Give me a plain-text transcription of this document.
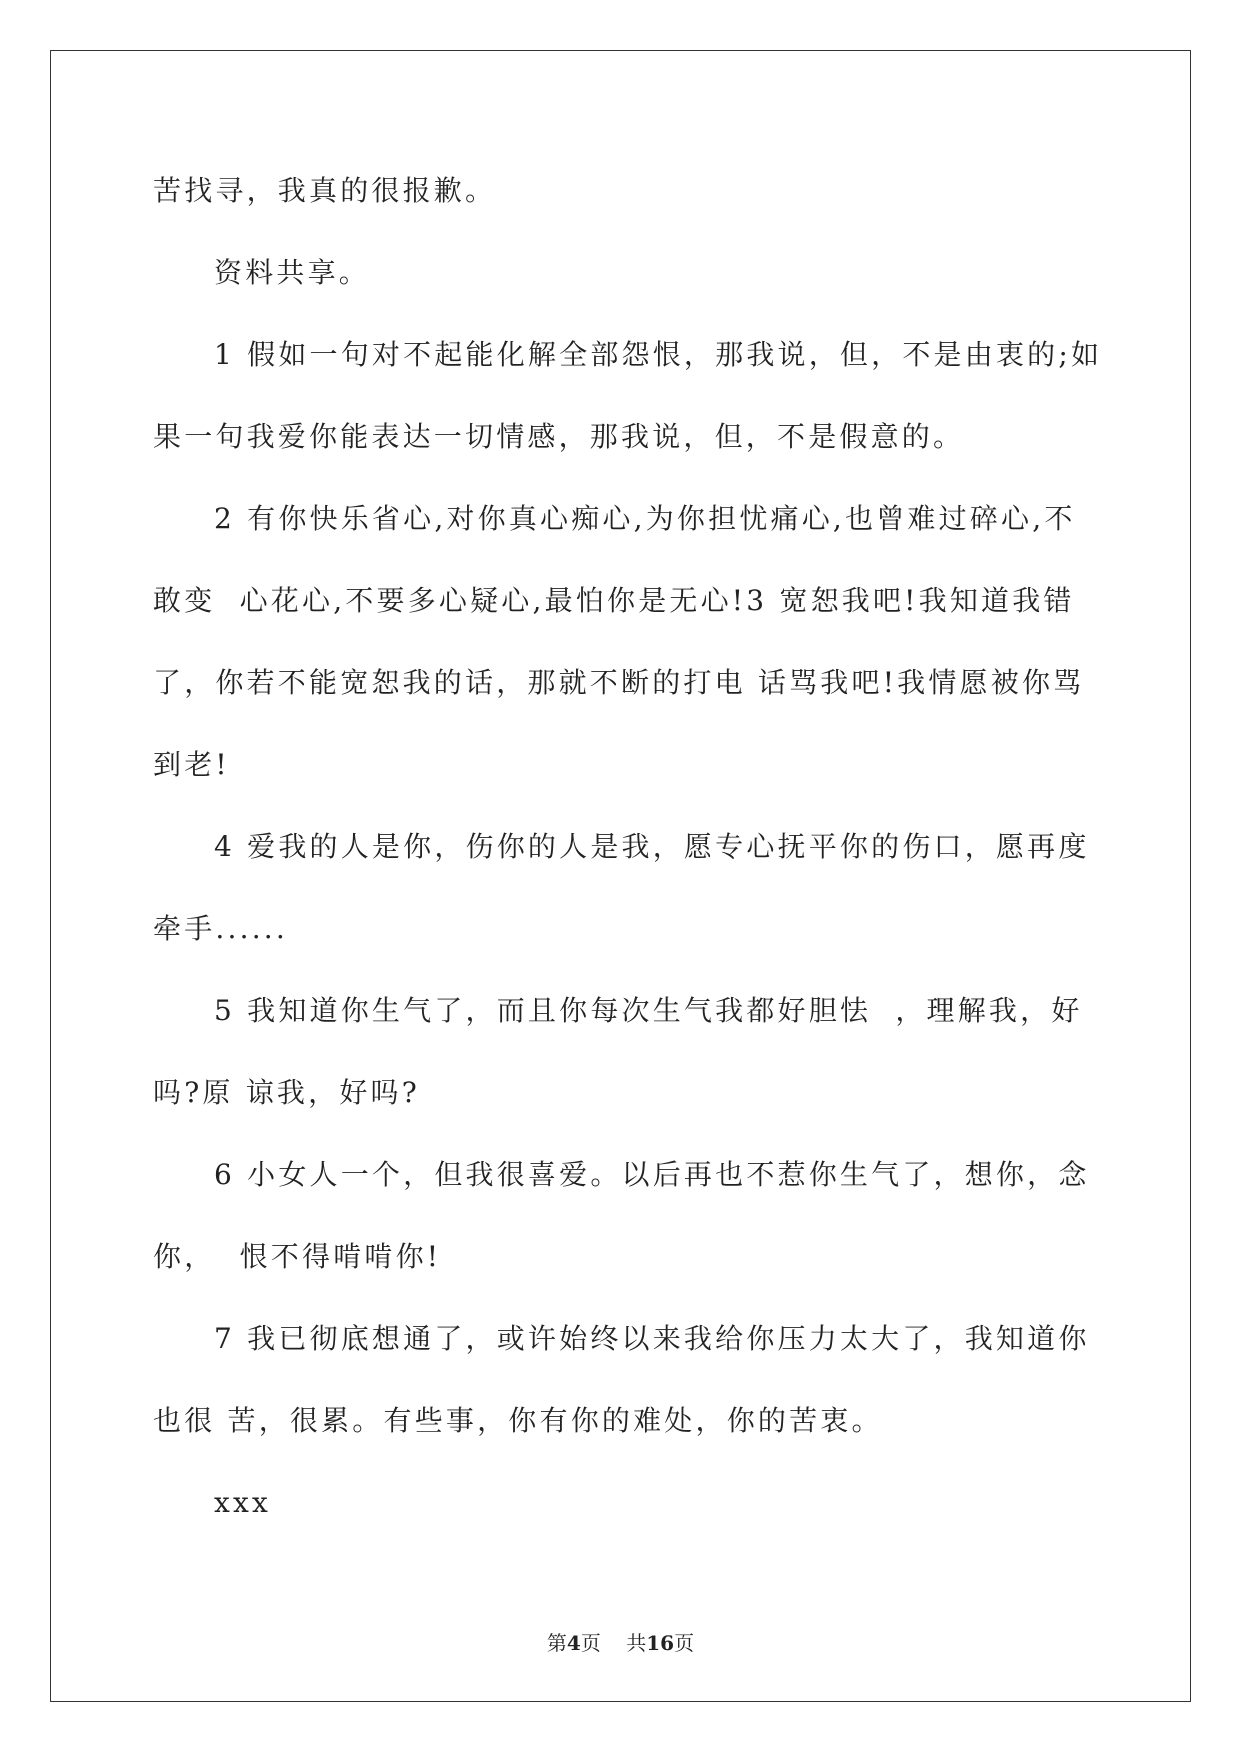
苦找寻，我真的很报歉。
资料共享。
1 假如一句对不起能化解全部怨恨，那我说，但，不是由衷的;如
果一句我爱你能表达一切情感，那我说，但，不是假意的。
2 有你快乐省心,对你真心痴心,为你担忧痛心,也曾难过碎心,不
敢变  心花心,不要多心疑心,最怕你是无心!3 宽恕我吧!我知道我错
了，你若不能宽恕我的话，那就不断的打电 话骂我吧!我情愿被你骂
到老!
4 爱我的人是你，伤你的人是我，愿专心抚平你的伤口，愿再度
牵手......
5 我知道你生气了，而且你每次生气我都好胆怯  ，理解我，好
吗?原 谅我，好吗?
6 小女人一个，但我很喜爱。以后再也不惹你生气了，想你，念
你，  恨不得啃啃你!
7 我已彻底想通了，或许始终以来我给你压力太大了，我知道你
也很 苦，很累。有些事，你有你的难处，你的苦衷。
xxx
第4页 共16页
